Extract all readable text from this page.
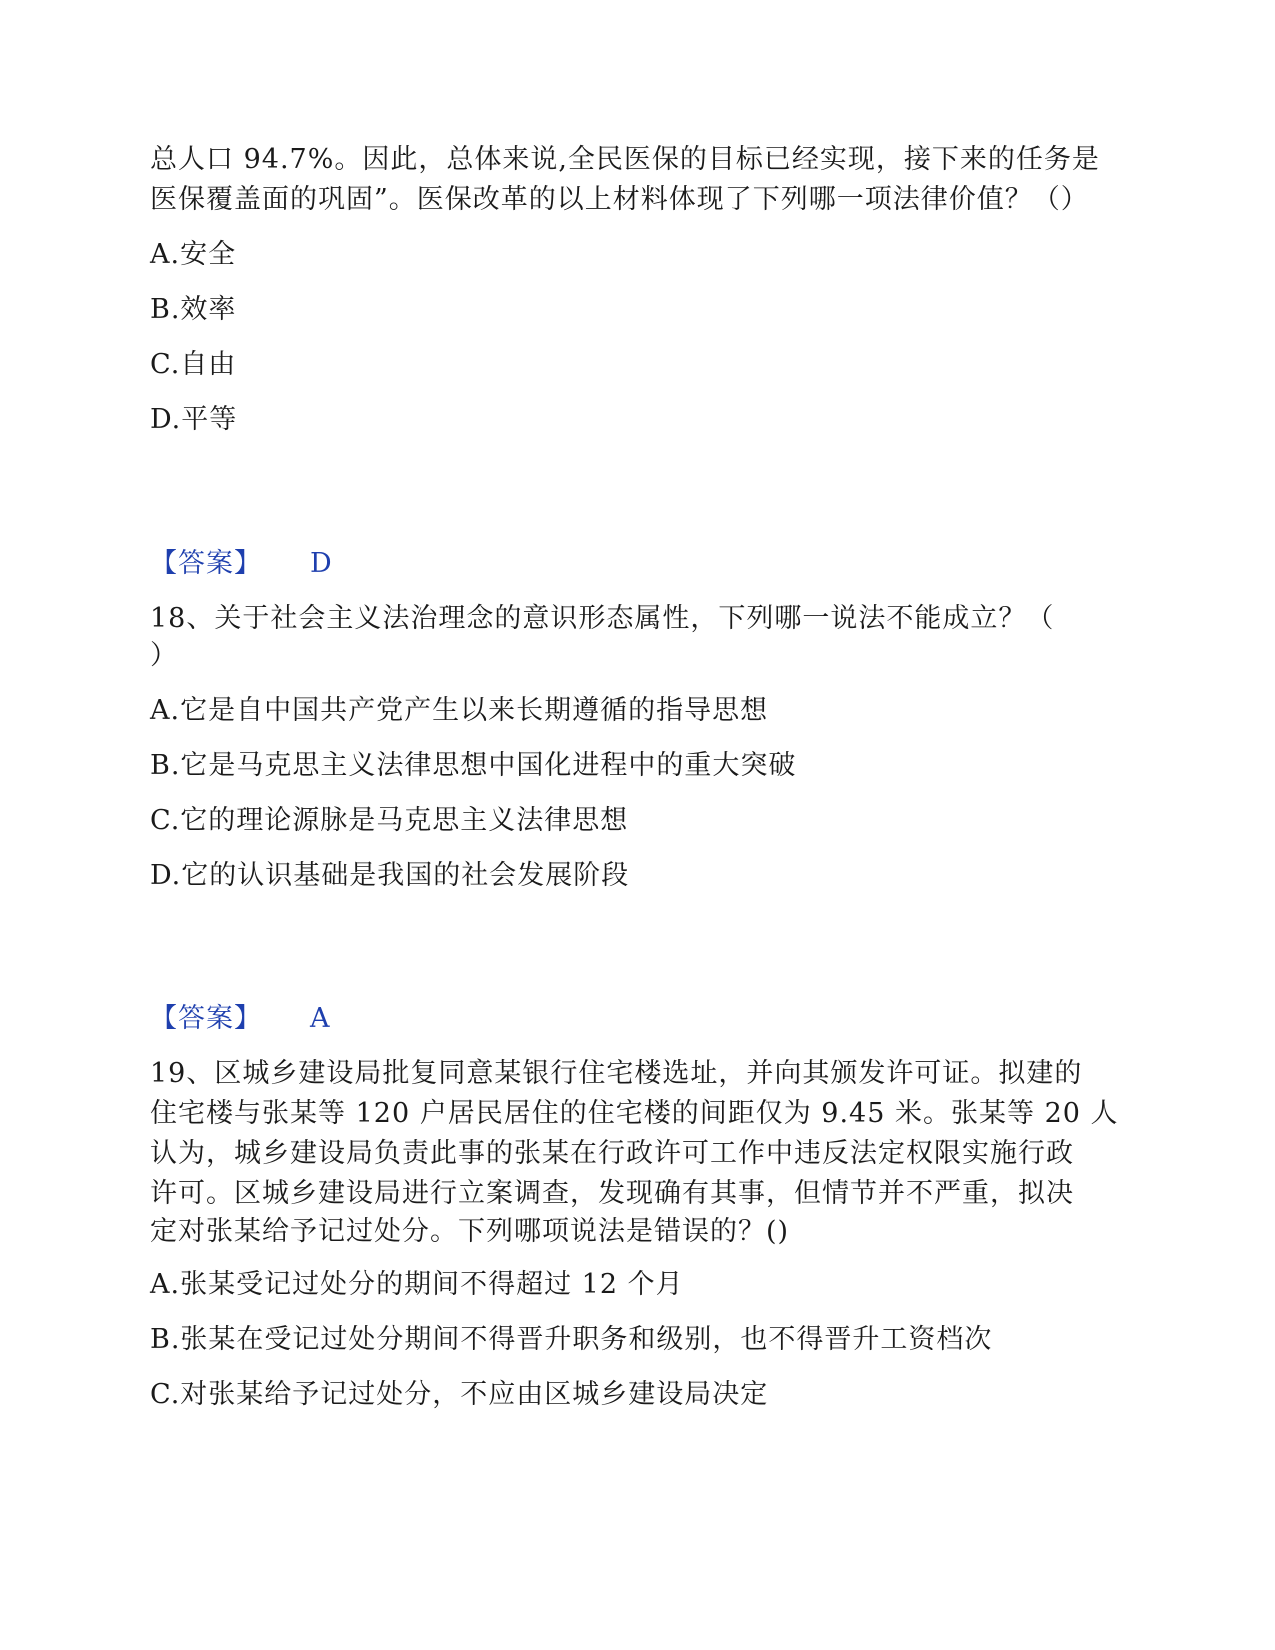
总人口 94.7%。因此，总体来说,全民医保的目标已经实现，接下来的任务是
医保覆盖面的巩固”。医保改革的以上材料体现了下列哪一项法律价值？（）
A.安全
B.效率
C.自由
D.平等
【答案】 D
18、关于社会主义法治理念的意识形态属性，下列哪一说法不能成立？（
）
A.它是自中国共产党产生以来长期遵循的指导思想
B.它是马克思主义法律思想中国化进程中的重大突破
C.它的理论源脉是马克思主义法律思想
D.它的认识基础是我国的社会发展阶段
【答案】 A
19、区城乡建设局批复同意某银行住宅楼选址，并向其颁发许可证。拟建的
住宅楼与张某等 120 户居民居住的住宅楼的间距仅为 9.45 米。张某等 20 人
认为，城乡建设局负责此事的张某在行政许可工作中违反法定权限实施行政
许可。区城乡建设局进行立案调查，发现确有其事，但情节并不严重，拟决
定对张某给予记过处分。下列哪项说法是错误的？()
A.张某受记过处分的期间不得超过 12 个月
B.张某在受记过处分期间不得晋升职务和级别，也不得晋升工资档次
C.对张某给予记过处分，不应由区城乡建设局决定
